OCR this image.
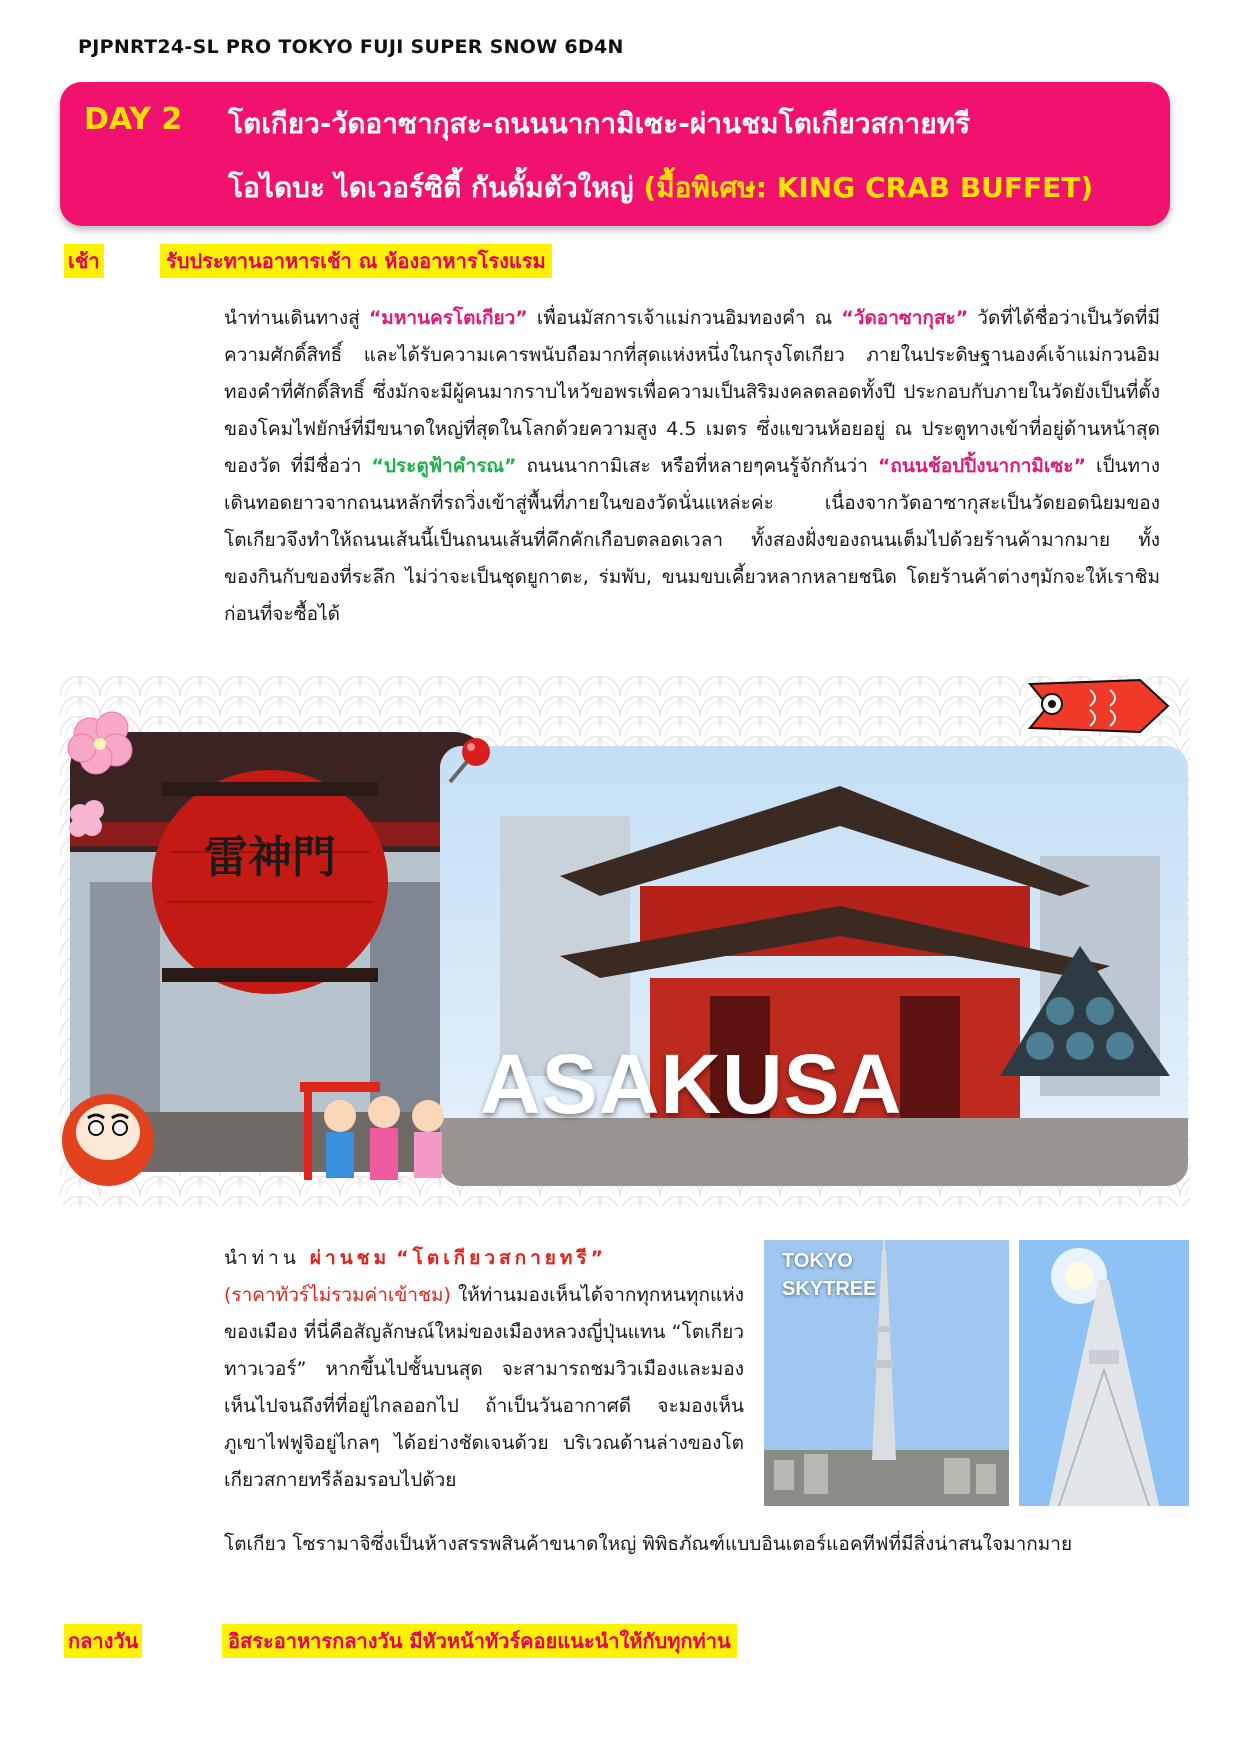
PJPNRT24-SL PRO TOKYO FUJI SUPER SNOW 6D4N
DAY 2 โตเกียว-วัดอาซากุสะ-ถนนนากามิเซะ-ผ่านชมโตเกียวสกายทรี
โอไดบะ ไดเวอร์ซิตี้ กันดั้มตัวใหญ่ (มื้อพิเศษ: KING CRAB BUFFET)
เช้า	รับประทานอาหารเช้า ณ ห้องอาหารโรงแรม
นำท่านเดินทางสู่ “มหานครโตเกียว” เพื่อนมัสการเจ้าแม่กวนอิมทองคำ ณ “วัดอาซากุสะ” วัดที่ได้ชื่อว่าเป็นวัดที่มีความศักดิ์สิทธิ์ และได้รับความเคารพนับถือมากที่สุดแห่งหนึ่งในกรุงโตเกียว ภายในประดิษฐานองค์เจ้าแม่กวนอิมทองคำที่ศักดิ์สิทธิ์ ซึ่งมักจะมีผู้คนมากราบไหว้ขอพรเพื่อความเป็นสิริมงคลตลอดทั้งปี ประกอบกับภายในวัดยังเป็นที่ตั้งของโคมไฟยักษ์ที่มีขนาดใหญ่ที่สุดในโลกด้วยความสูง 4.5 เมตร ซึ่งแขวนห้อยอยู่ ณ ประตูทางเข้าที่อยู่ด้านหน้าสุดของวัด ที่มีชื่อว่า “ประตูฟ้าคำรณ” ถนนนากามิเสะ หรือที่หลายๆคนรู้จักกันว่า “ถนนช้อปปิ้งนากามิเซะ” เป็นทางเดินทอดยาวจากถนนหลักที่รถวิ่งเข้าสู่พื้นที่ภายในของวัดนั่นแหล่ะค่ะ เนื่องจากวัดอาซากุสะเป็นวัดยอดนิยมของโตเกียวจึงทำให้ถนนเส้นนี้เป็นถนนเส้นที่คึกคักเกือบตลอดเวลา ทั้งสองฝั่งของถนนเต็มไปด้วยร้านค้ามากมาย ทั้งของกินกับของที่ระลึก ไม่ว่าจะเป็นชุดยูกาตะ, ร่มพับ, ขนมขบเคี้ยวหลากหลายชนิด โดยร้านค้าต่างๆมักจะให้เราชิมก่อนที่จะซื้อได้
雷神門
ASAKUSA
นำท่าน ผ่านชม “โตเกียวสกายทรี”
(ราคาทัวร์ไม่รวมค่าเข้าชม) ให้ท่านมองเห็นได้จากทุกหนทุกแห่งของเมือง ที่นี่คือสัญลักษณ์ใหม่ของเมืองหลวงญี่ปุ่นแทน “โตเกียวทาวเวอร์” หากขึ้นไปชั้นบนสุด จะสามารถชมวิวเมืองและมองเห็นไปจนถึงที่ที่อยู่ไกลออกไป ถ้าเป็นวันอากาศดี จะมองเห็นภูเขาไฟฟูจิอยู่ไกลๆ ได้อย่างชัดเจนด้วย บริเวณด้านล่างของโตเกียวสกายทรีล้อมรอบไปด้วย
TOKYO
SKYTREE
โตเกียว โซรามาจิซึ่งเป็นห้างสรรพสินค้าขนาดใหญ่ พิพิธภัณฑ์แบบอินเตอร์แอคทีฟที่มีสิ่งน่าสนใจมากมาย
กลางวัน	อิสระอาหารกลางวัน มีหัวหน้าทัวร์คอยแนะนำให้กับทุกท่าน
